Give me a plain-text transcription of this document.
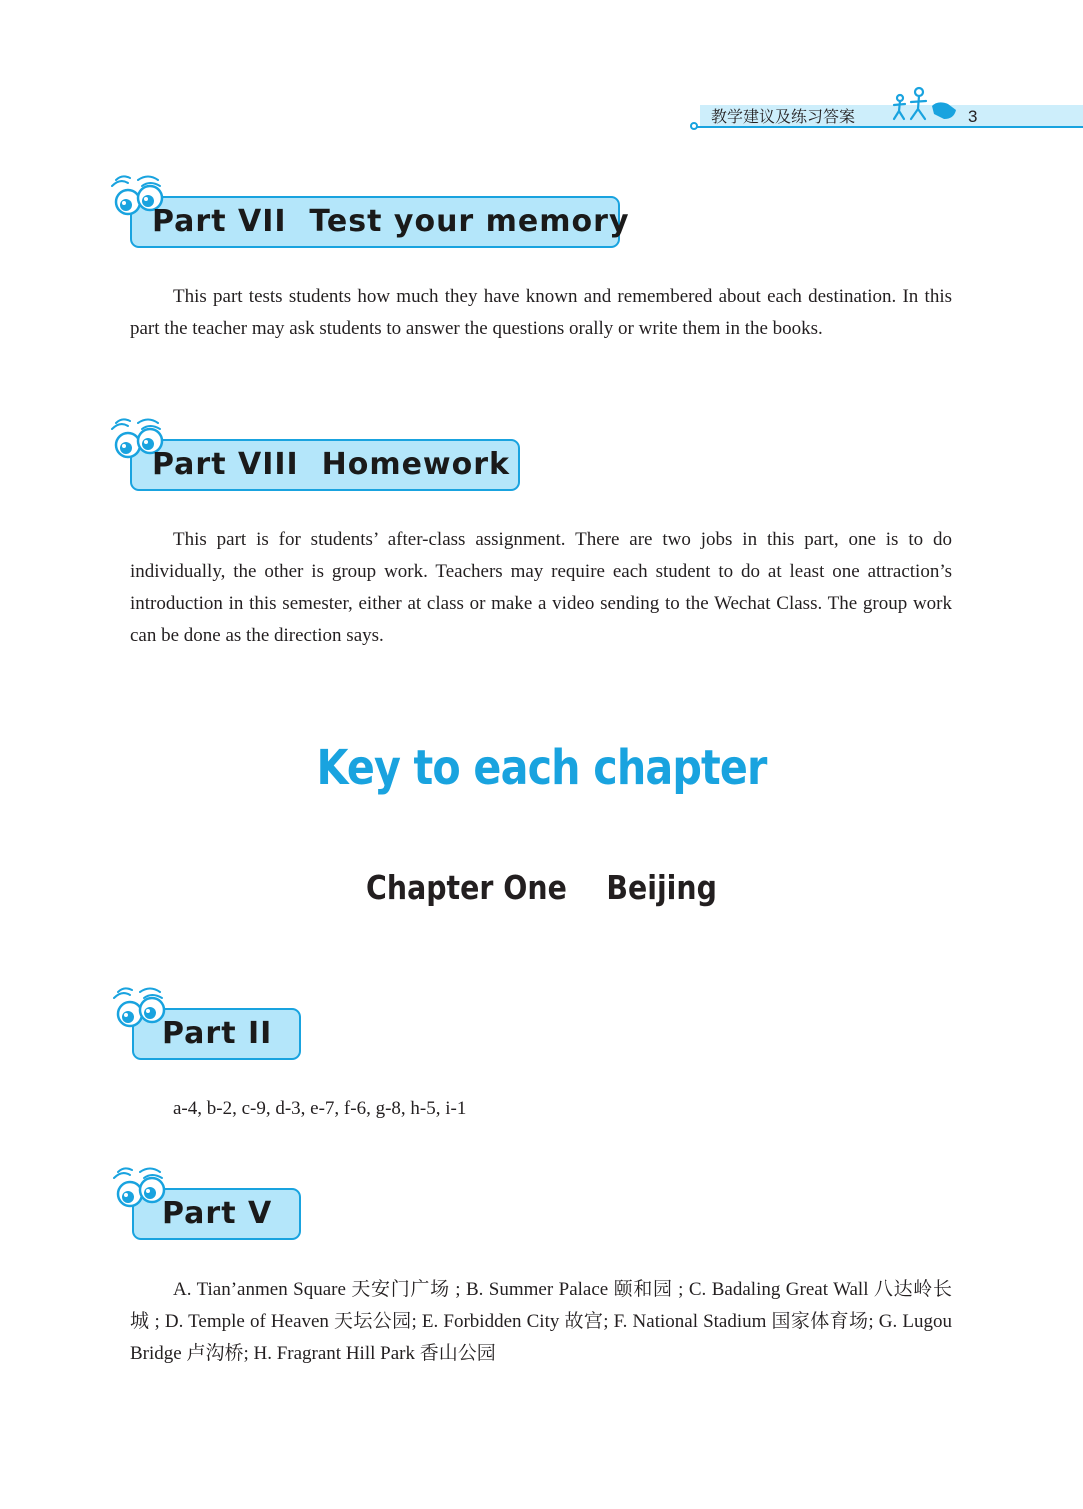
教学建议及练习答案	3
Part VII  Test your memory

This part tests students how much they have known and remembered about each destination. In this part the teacher may ask students to answer the questions orally or write them in the books.

Part VIII  Homework

This part is for students’ after-class assignment. There are two jobs in this part, one is to do individually, the other is group work. Teachers may require each student to do at least one attraction’s introduction in this semester, either at class or make a video sending to the Wechat Class. The group work can be done as the direction says.

Key to each chapter
Chapter One    Beijing
Part II

a-4, b-2, c-9, d-3, e-7, f-6, g-8, h-5, i-1

Part V

A. Tian’anmen Square 天安门广场 ; B. Summer Palace 颐和园 ; C. Badaling Great Wall 八达岭长城 ; D. Temple of Heaven 天坛公园; E. Forbidden City 故宫; F. National Stadium 国家体育场; G. Lugou Bridge 卢沟桥; H. Fragrant Hill Park 香山公园
